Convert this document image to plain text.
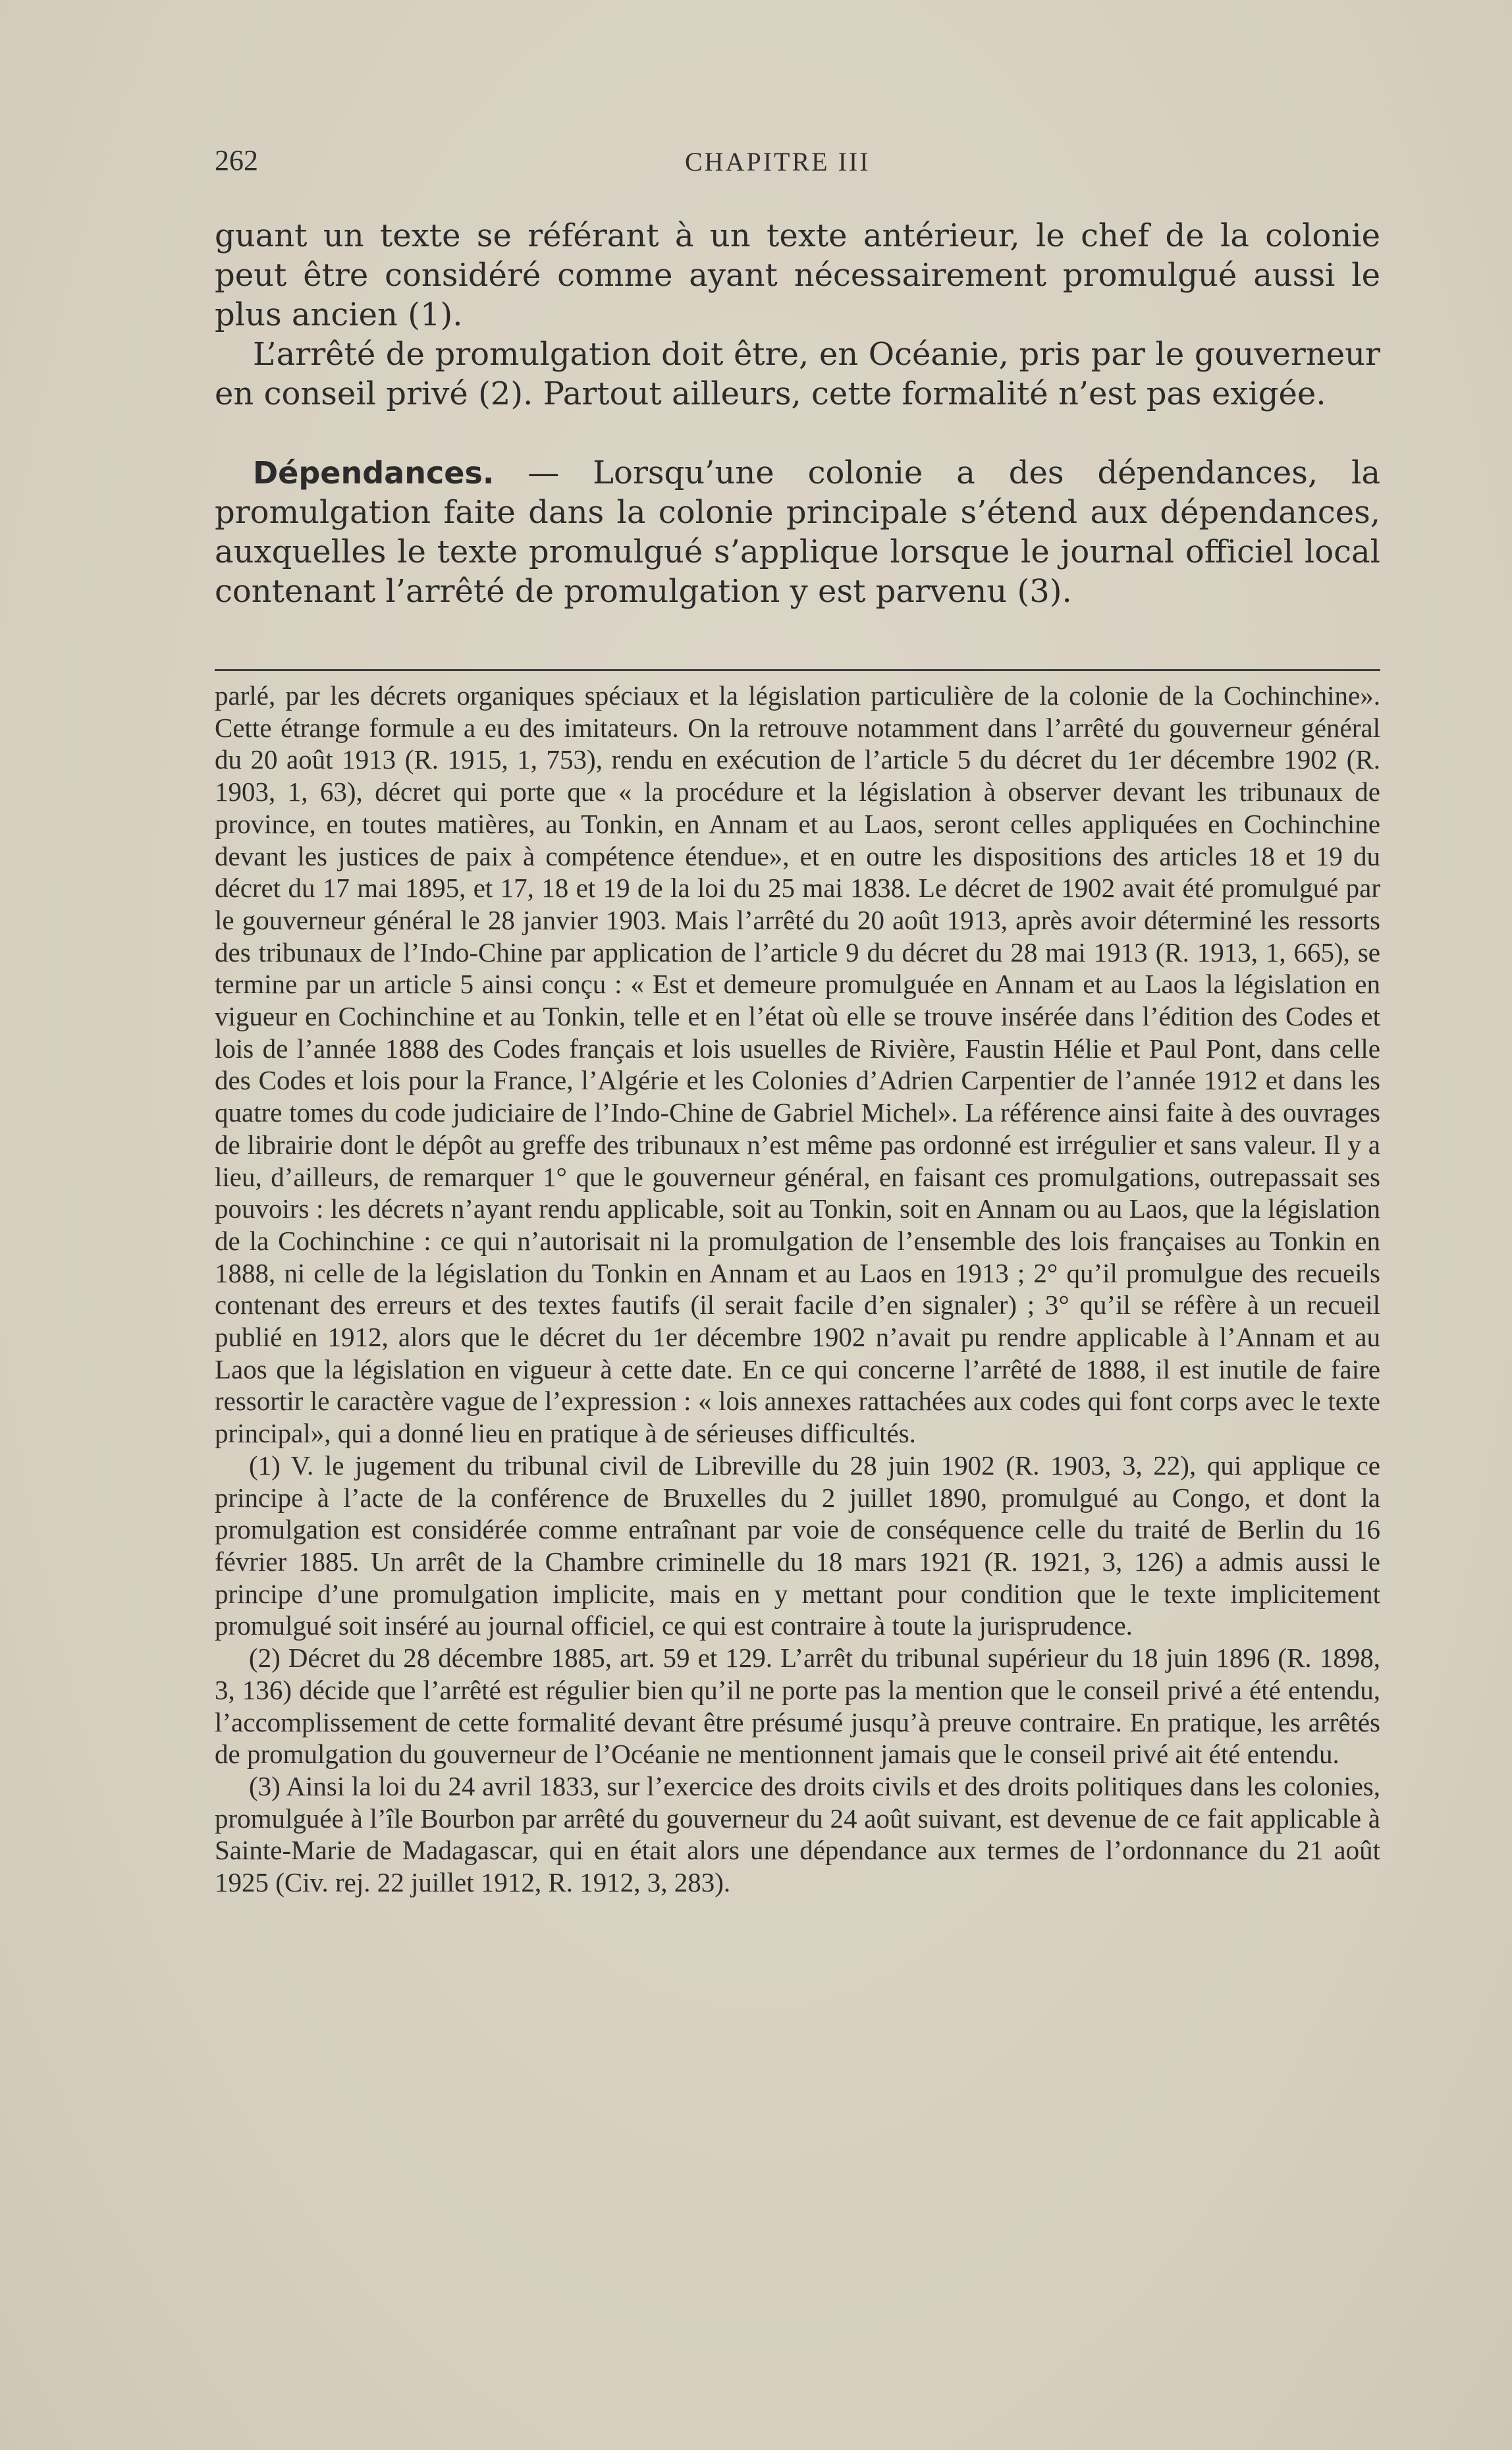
262	CHAPITRE III

guant un texte se référant à un texte antérieur, le chef de la colonie peut être considéré comme ayant nécessairement promulgué aussi le plus ancien (1).

L’arrêté de promulgation doit être, en Océanie, pris par le gouverneur en conseil privé (2). Partout ailleurs, cette formalité n’est pas exigée.

Dépendances. — Lorsqu’une colonie a des dépendances, la promulgation faite dans la colonie principale s’étend aux dépendances, auxquelles le texte promulgué s’applique lorsque le journal officiel local contenant l’arrêté de promulgation y est parvenu (3).

parlé, par les décrets organiques spéciaux et la législation particulière de la colonie de la Cochinchine». Cette étrange formule a eu des imitateurs. On la retrouve notamment dans l’arrêté du gouverneur général du 20 août 1913 (R. 1915, 1, 753), rendu en exécution de l’article 5 du décret du 1er décembre 1902 (R. 1903, 1, 63), décret qui porte que « la procédure et la législation à observer devant les tribunaux de province, en toutes matières, au Tonkin, en Annam et au Laos, seront celles appliquées en Cochinchine devant les justices de paix à compétence étendue», et en outre les dispositions des articles 18 et 19 du décret du 17 mai 1895, et 17, 18 et 19 de la loi du 25 mai 1838. Le décret de 1902 avait été promulgué par le gouverneur général le 28 janvier 1903. Mais l’arrêté du 20 août 1913, après avoir déterminé les ressorts des tribunaux de l’Indo-Chine par application de l’article 9 du décret du 28 mai 1913 (R. 1913, 1, 665), se termine par un article 5 ainsi conçu : « Est et demeure promulguée en Annam et au Laos la législation en vigueur en Cochinchine et au Tonkin, telle et en l’état où elle se trouve insérée dans l’édition des Codes et lois de l’année 1888 des Codes français et lois usuelles de Rivière, Faustin Hélie et Paul Pont, dans celle des Codes et lois pour la France, l’Algérie et les Colonies d’Adrien Carpentier de l’année 1912 et dans les quatre tomes du code judiciaire de l’Indo-Chine de Gabriel Michel». La référence ainsi faite à des ouvrages de librairie dont le dépôt au greffe des tribunaux n’est même pas ordonné est irrégulier et sans valeur. Il y a lieu, d’ailleurs, de remarquer 1° que le gouverneur général, en faisant ces promulgations, outrepassait ses pouvoirs : les décrets n’ayant rendu applicable, soit au Tonkin, soit en Annam ou au Laos, que la législation de la Cochinchine : ce qui n’autorisait ni la promulgation de l’ensemble des lois françaises au Tonkin en 1888, ni celle de la législation du Tonkin en Annam et au Laos en 1913 ; 2° qu’il promulgue des recueils contenant des erreurs et des textes fautifs (il serait facile d’en signaler) ; 3° qu’il se réfère à un recueil publié en 1912, alors que le décret du 1er décembre 1902 n’avait pu rendre applicable à l’Annam et au Laos que la législation en vigueur à cette date. En ce qui concerne l’arrêté de 1888, il est inutile de faire ressortir le caractère vague de l’expression : « lois annexes rattachées aux codes qui font corps avec le texte principal», qui a donné lieu en pratique à de sérieuses difficultés.

(1) V. le jugement du tribunal civil de Libreville du 28 juin 1902 (R. 1903, 3, 22), qui applique ce principe à l’acte de la conférence de Bruxelles du 2 juillet 1890, promulgué au Congo, et dont la promulgation est considérée comme entraînant par voie de conséquence celle du traité de Berlin du 16 février 1885. Un arrêt de la Chambre criminelle du 18 mars 1921 (R. 1921, 3, 126) a admis aussi le principe d’une promulgation implicite, mais en y mettant pour condition que le texte implicitement promulgué soit inséré au journal officiel, ce qui est contraire à toute la jurisprudence.

(2) Décret du 28 décembre 1885, art. 59 et 129. L’arrêt du tribunal supérieur du 18 juin 1896 (R. 1898, 3, 136) décide que l’arrêté est régulier bien qu’il ne porte pas la mention que le conseil privé a été entendu, l’accomplissement de cette formalité devant être présumé jusqu’à preuve contraire. En pratique, les arrêtés de promulgation du gouverneur de l’Océanie ne mentionnent jamais que le conseil privé ait été entendu.

(3) Ainsi la loi du 24 avril 1833, sur l’exercice des droits civils et des droits politiques dans les colonies, promulguée à l’île Bourbon par arrêté du gouverneur du 24 août suivant, est devenue de ce fait applicable à Sainte-Marie de Madagascar, qui en était alors une dépendance aux termes de l’ordonnance du 21 août 1925 (Civ. rej. 22 juillet 1912, R. 1912, 3, 283).
